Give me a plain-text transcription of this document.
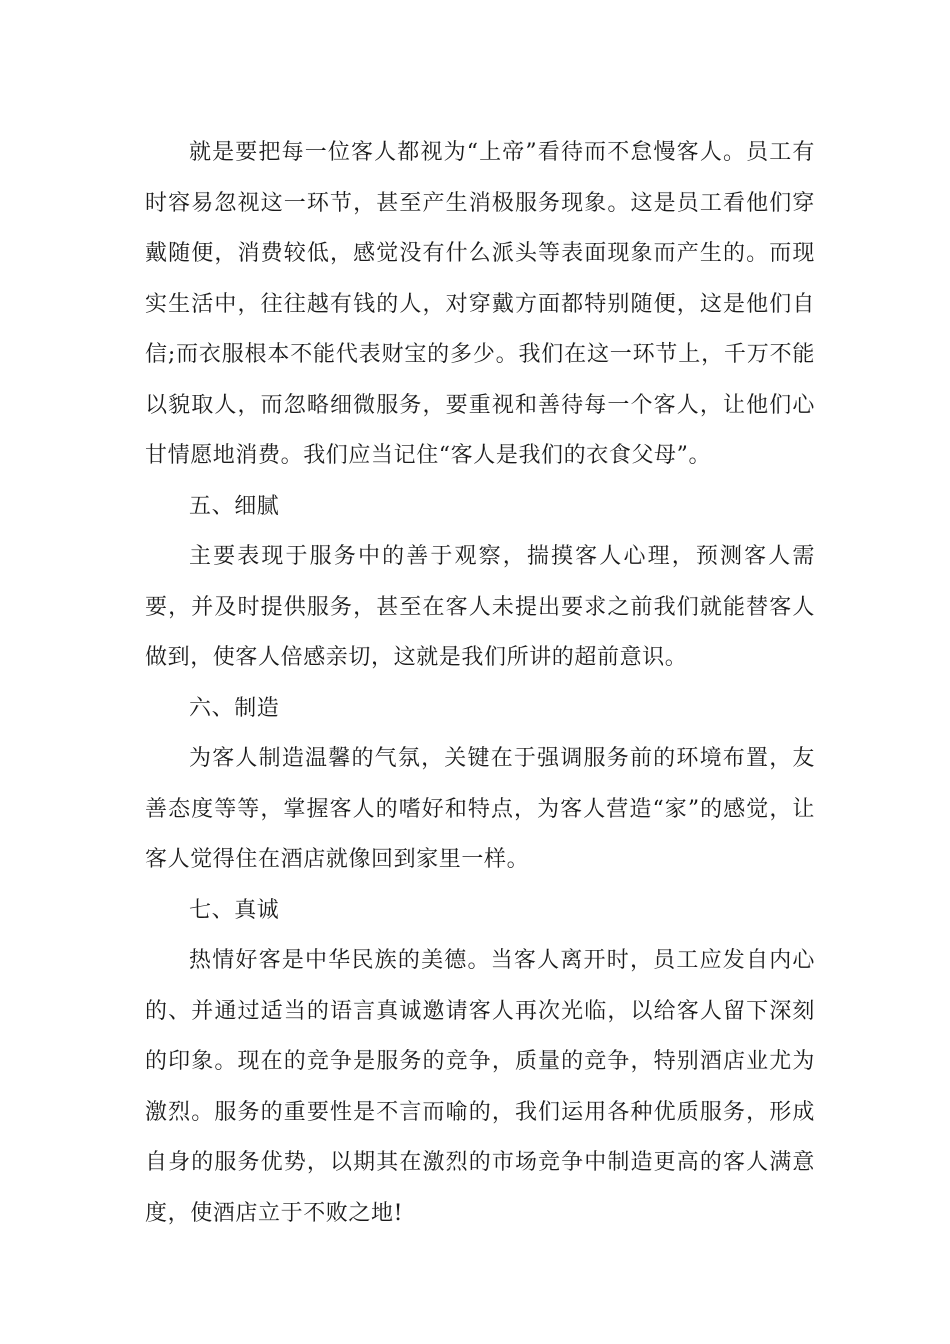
就是要把每一位客人都视为“上帝”看待而不怠慢客人。员工有时容易忽视这一环节，甚至产生消极服务现象。这是员工看他们穿戴随便，消费较低，感觉没有什么派头等表面现象而产生的。而现实生活中，往往越有钱的人，对穿戴方面都特别随便，这是他们自信;而衣服根本不能代表财宝的多少。我们在这一环节上，千万不能以貌取人，而忽略细微服务，要重视和善待每一个客人，让他们心甘情愿地消费。我们应当记住“客人是我们的衣食父母”。

五、细腻

主要表现于服务中的善于观察，揣摸客人心理，预测客人需要，并及时提供服务，甚至在客人未提出要求之前我们就能替客人做到，使客人倍感亲切，这就是我们所讲的超前意识。

六、制造

为客人制造温馨的气氛，关键在于强调服务前的环境布置，友善态度等等，掌握客人的嗜好和特点，为客人营造“家”的感觉，让客人觉得住在酒店就像回到家里一样。

七、真诚

热情好客是中华民族的美德。当客人离开时，员工应发自内心的、并通过适当的语言真诚邀请客人再次光临，以给客人留下深刻的印象。现在的竞争是服务的竞争，质量的竞争，特别酒店业尤为激烈。服务的重要性是不言而喻的，我们运用各种优质服务，形成自身的服务优势，以期其在激烈的市场竞争中制造更高的客人满意度，使酒店立于不败之地!
